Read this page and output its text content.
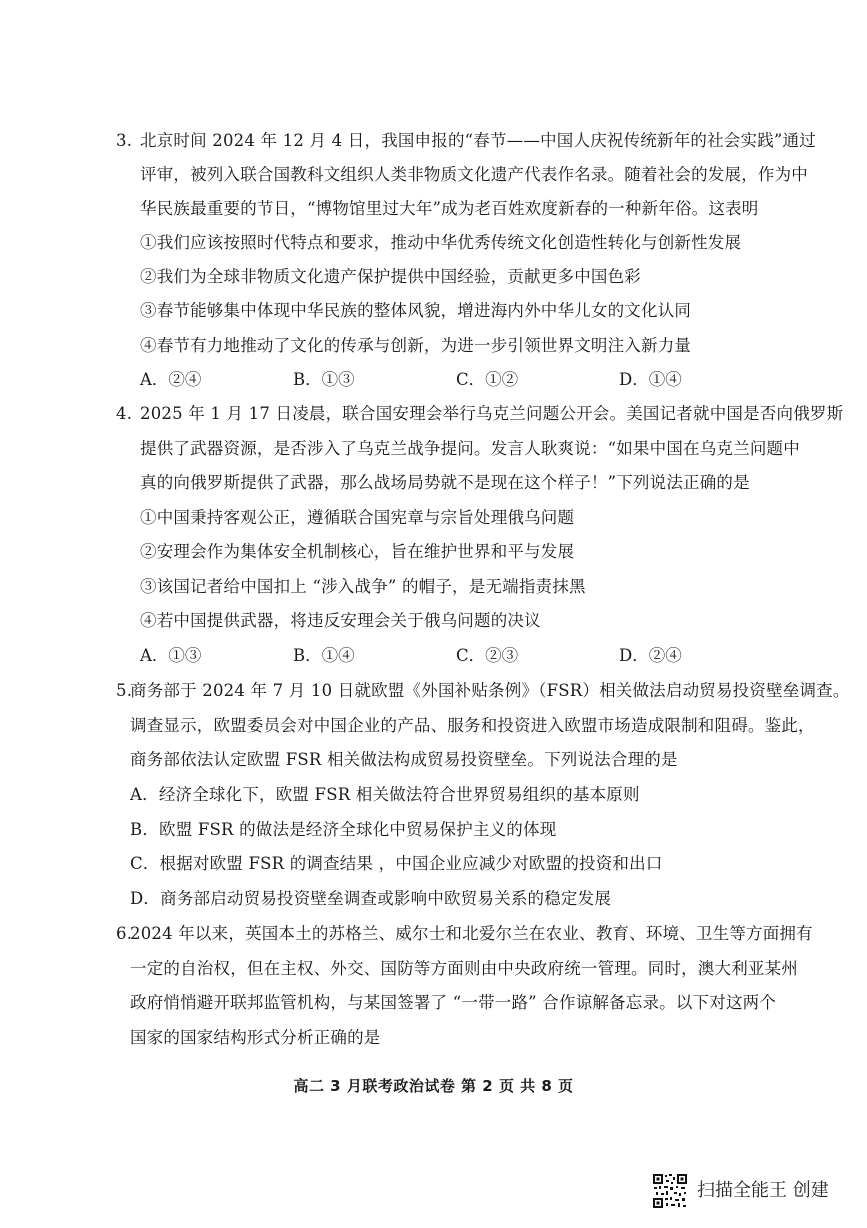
3. 北京时间 2024 年 12 月 4 日，我国申报的“春节——中国人庆祝传统新年的社会实践”通过
评审，被列入联合国教科文组织人类非物质文化遗产代表作名录。随着社会的发展，作为中
华民族最重要的节日，“博物馆里过大年”成为老百姓欢度新春的一种新年俗。这表明
①我们应该按照时代特点和要求，推动中华优秀传统文化创造性转化与创新性发展
②我们为全球非物质文化遗产保护提供中国经验，贡献更多中国色彩
③春节能够集中体现中华民族的整体风貌，增进海内外中华儿女的文化认同
④春节有力地推动了文化的传承与创新，为进一步引领世界文明注入新力量
A．②④	B．①③	C．①②	D．①④
4. 2025 年 1 月 17 日凌晨，联合国安理会举行乌克兰问题公开会。美国记者就中国是否向俄罗斯
提供了武器资源，是否涉入了乌克兰战争提问。发言人耿爽说：“如果中国在乌克兰问题中
真的向俄罗斯提供了武器，那么战场局势就不是现在这个样子！”下列说法正确的是
①中国秉持客观公正，遵循联合国宪章与宗旨处理俄乌问题
②安理会作为集体安全机制核心，旨在维护世界和平与发展
③该国记者给中国扣上 “涉入战争” 的帽子，是无端指责抹黑
④若中国提供武器，将违反安理会关于俄乌问题的决议
A．①③	B．①④	C．②③	D．②④
5.
商务部于 2024 年 7 月 10 日就欧盟《外国补贴条例》（FSR）相关做法启动贸易投资壁垒调查。
调查显示，欧盟委员会对中国企业的产品、服务和投资进入欧盟市场造成限制和阻碍。鉴此，
商务部依法认定欧盟 FSR 相关做法构成贸易投资壁垒。下列说法合理的是
A．经济全球化下，欧盟 FSR 相关做法符合世界贸易组织的基本原则
B．欧盟 FSR 的做法是经济全球化中贸易保护主义的体现
C．根据对欧盟 FSR 的调查结果 ，中国企业应减少对欧盟的投资和出口
D．商务部启动贸易投资壁垒调查或影响中欧贸易关系的稳定发展
6.
2024 年以来，英国本土的苏格兰、威尔士和北爱尔兰在农业、教育、环境、卫生等方面拥有
一定的自治权，但在主权、外交、国防等方面则由中央政府统一管理。同时，澳大利亚某州
政府悄悄避开联邦监管机构，与某国签署了 “一带一路” 合作谅解备忘录。以下对这两个
国家的国家结构形式分析正确的是
高二 3 月联考政治试卷 第 2 页 共 8 页
扫描全能王 创建
